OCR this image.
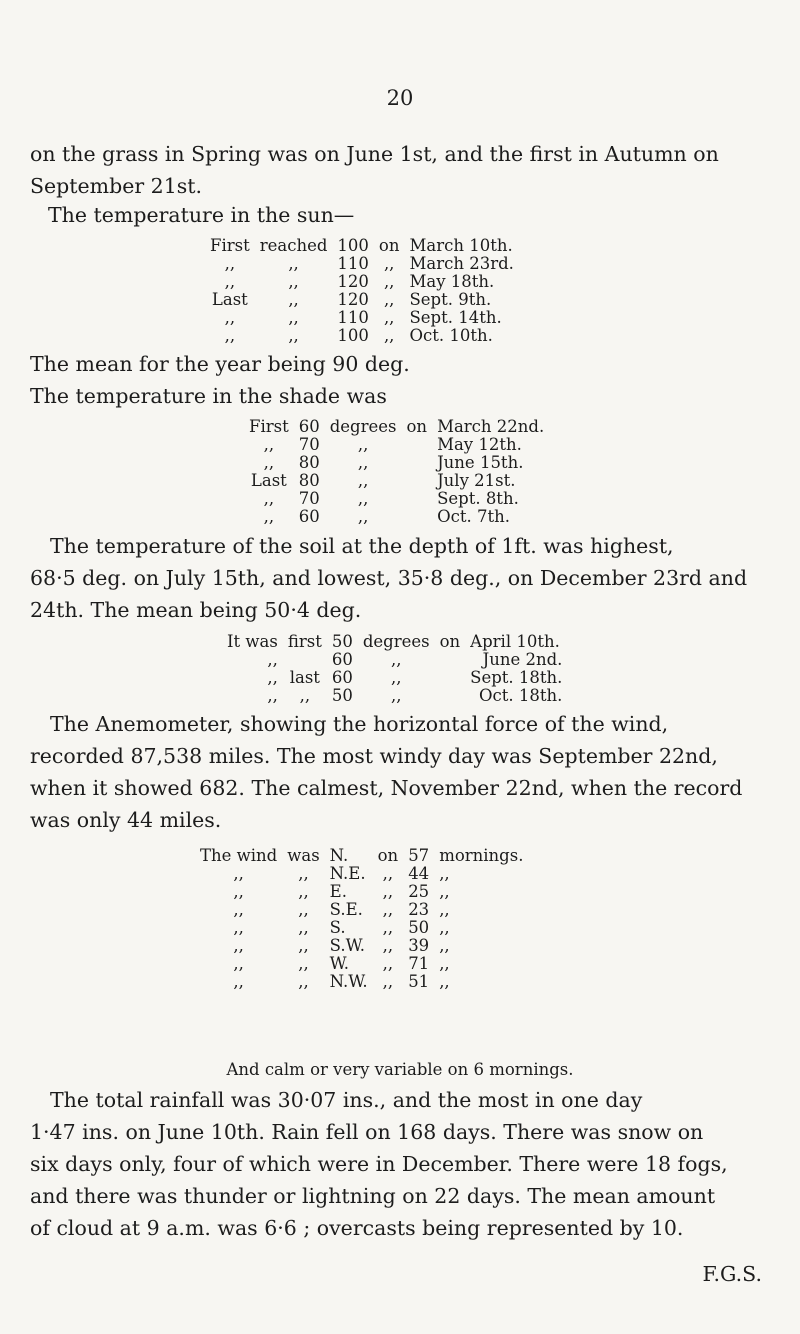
20
on the grass in Spring was on June 1st, and the first in Autumn on
September 21st.
The temperature in the sun—
First	reached	100	on	March 10th.
,,	,,	110	,,	March 23rd.
,,	,,	120	,,	May 18th.
Last	,,	120	,,	Sept. 9th.
,,	,,	110	,,	Sept. 14th.
,,	,,	100	,,	Oct. 10th.
The mean for the year being 90 deg.
The temperature in the shade was
First	60	degrees	on	March 22nd.
,,	70	,,		May 12th.
,,	80	,,		June 15th.
Last	80	,,		July 21st.
,,	70	,,		Sept. 8th.
,,	60	,,		Oct. 7th.
The temperature of the soil at the depth of 1ft. was highest,
68·5 deg. on July 15th, and lowest, 35·8 deg., on December 23rd and
24th. The mean being 50·4 deg.
It was	first	50	degrees	on	April 10th.
,,		60	,,		June 2nd.
,,	last	60	,,		Sept. 18th.
,,	,,	50	,,		Oct. 18th.
The Anemometer, showing the horizontal force of the wind,
recorded 87,538 miles. The most windy day was September 22nd,
when it showed 682. The calmest, November 22nd, when the record
was only 44 miles.
The wind	was	N.	on	57	mornings.
,,	,,	N.E.	,,	44	,,
,,	,,	E.	,,	25	,,
,,	,,	S.E.	,,	23	,,
,,	,,	S.	,,	50	,,
,,	,,	S.W.	,,	39	,,
,,	,,	W.	,,	71	,,
,,	,,	N.W.	,,	51	,,
And calm or very variable on 6 mornings.
The total rainfall was 30·07 ins., and the most in one day
1·47 ins. on June 10th. Rain fell on 168 days. There was snow on
six days only, four of which were in December. There were 18 fogs,
and there was thunder or lightning on 22 days. The mean amount
of cloud at 9 a.m. was 6·6 ; overcasts being represented by 10.
F.G.S.
